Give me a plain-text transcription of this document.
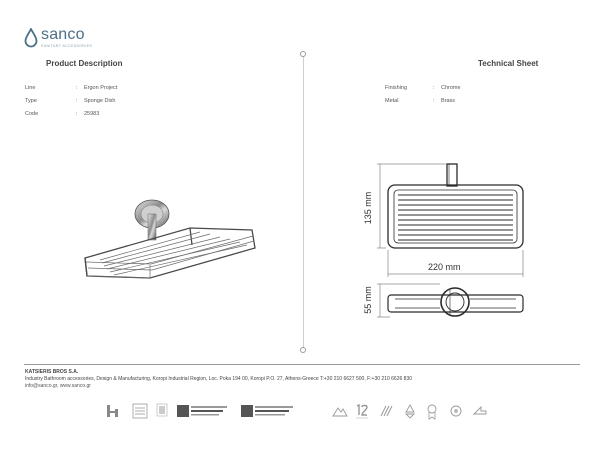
sanco
SANITARY ACCESSORIES
Product Description	Technical Sheet
Line	:	Ergon Project
Type	:	Sponge Dish
Code	:	25983
Finishing	:	Chrome
Metal	:	Brass
135 mm
220 mm
55 mm
KATSIERIS BROS S.A.
Industry Bathroom accessories, Design & Manufacturing, Koropi Industrial Region, Loc. Poka 194 00, Koropi P.O. 27, Athens-Greece T:+30 210 6627 500, F:+30 210 6626 830
info@sanco.gr, www.sanco.gr
